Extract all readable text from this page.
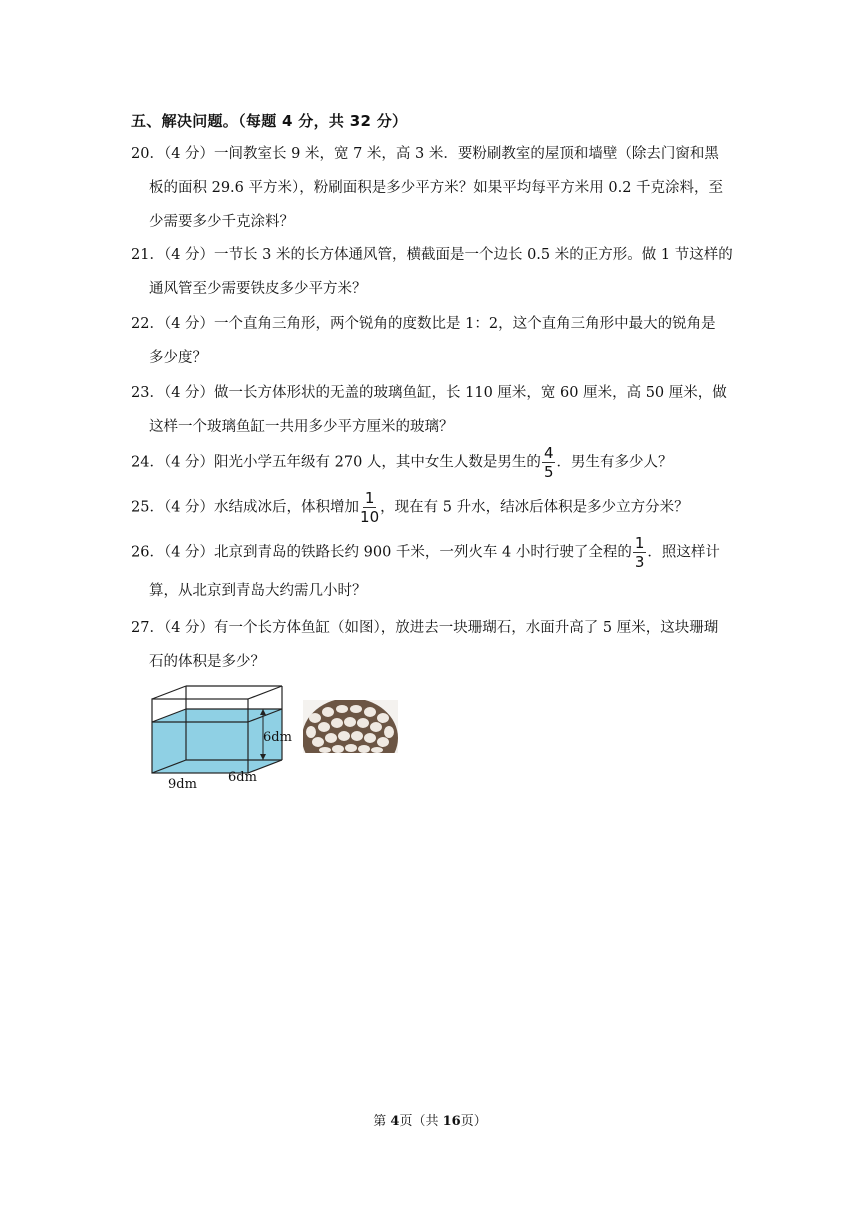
五、解决问题。（每题 4 分，共 32 分）
20．（4 分）一间教室长 9 米，宽 7 米，高 3 米．要粉刷教室的屋顶和墙壁（除去门窗和黑
板的面积 29.6 平方米），粉刷面积是多少平方米？如果平均每平方米用 0.2 千克涂料，至
少需要多少千克涂料？
21．（4 分）一节长 3 米的长方体通风管，横截面是一个边长 0.5 米的正方形。做 1 节这样的
通风管至少需要铁皮多少平方米？
22．（4 分）一个直角三角形，两个锐角的度数比是 1：2，这个直角三角形中最大的锐角是
多少度？
23．（4 分）做一长方体形状的无盖的玻璃鱼缸，长 110 厘米，宽 60 厘米，高 50 厘米，做
这样一个玻璃鱼缸一共用多少平方厘米的玻璃？
24．（4 分）阳光小学五年级有 270 人，其中女生人数是男生的 $\frac{4}{5}$ ．男生有多少人？
25．（4 分）水结成冰后，体积增加 $\frac{1}{10}$ ，现在有 5 升水，结冰后体积是多少立方分米？
26．（4 分）北京到青岛的铁路长约 900 千米，一列火车 4 小时行驶了全程的 $\frac{1}{3}$ ．照这样计
算，从北京到青岛大约需几小时？
27．（4 分）有一个长方体鱼缸（如图），放进去一块珊瑚石，水面升高了 5 厘米，这块珊瑚
石的体积是多少？
6dm
9dm 6dm
第 4页（共 16页）
